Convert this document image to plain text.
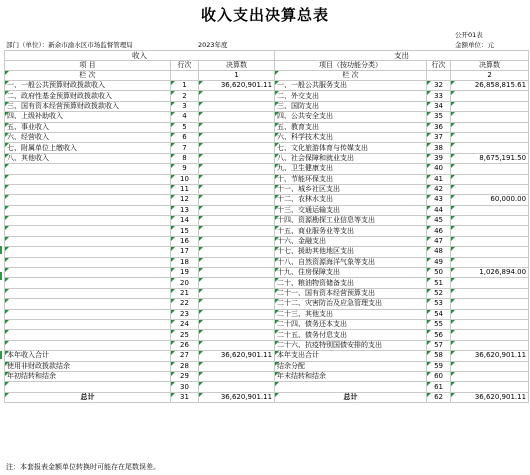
收入支出决算总表
公开01表
部门（单位）：新余市渝水区市场监督管理局	2023年度	金额单位：元
收入			支出		
项 目	行次	决算数	项目（按功能分类）	行次	决算数
栏 次		1	栏 次		2
一、一般公共预算财政拨款收入	1	36,620,901.11	一、一般公共服务支出	32	26,858,815.61
二、政府性基金预算财政拨款收入	2		二、外交支出	33	
三、国有资本经营预算财政拨款收入	3		三、国防支出	34	
四、上级补助收入	4		四、公共安全支出	35	
五、事业收入	5		五、教育支出	36	
六、经营收入	6		六、科学技术支出	37	
七、附属单位上缴收入	7		七、文化旅游体育与传媒支出	38	
八、其他收入	8		八、社会保障和就业支出	39	8,675,191.50
	9		九、卫生健康支出	40	
	10		十、节能环保支出	41	
	11		十一、城乡社区支出	42	
	12		十二、农林水支出	43	60,000.00
	13		十三、交通运输支出	44	
	14		十四、资源勘探工业信息等支出	45	
	15		十五、商业服务业等支出	46	
	16		十六、金融支出	47	
	17		十七、援助其他地区支出	48	
	18		十八、自然资源海洋气象等支出	49	
	19		十九、住房保障支出	50	1,026,894.00
	20		二十、粮油物资储备支出	51	
	21		二十一、国有资本经营预算支出	52	
	22		二十二、灾害防治及应急管理支出	53	
	23		二十三、其他支出	54	
	24		二十四、债务还本支出	55	
	25		二十五、债务付息支出	56	
	26		二十六、抗疫特别国债安排的支出	57	
本年收入合计	27	36,620,901.11	本年支出合计	58	36,620,901.11
使用非财政拨款结余	28		结余分配	59	
年初结转和结余	29		年末结转和结余	60	
	30			61	
总计	31	36,620,901.11	总计	62	36,620,901.11
注：本套报表金额单位转换时可能存在尾数误差。
